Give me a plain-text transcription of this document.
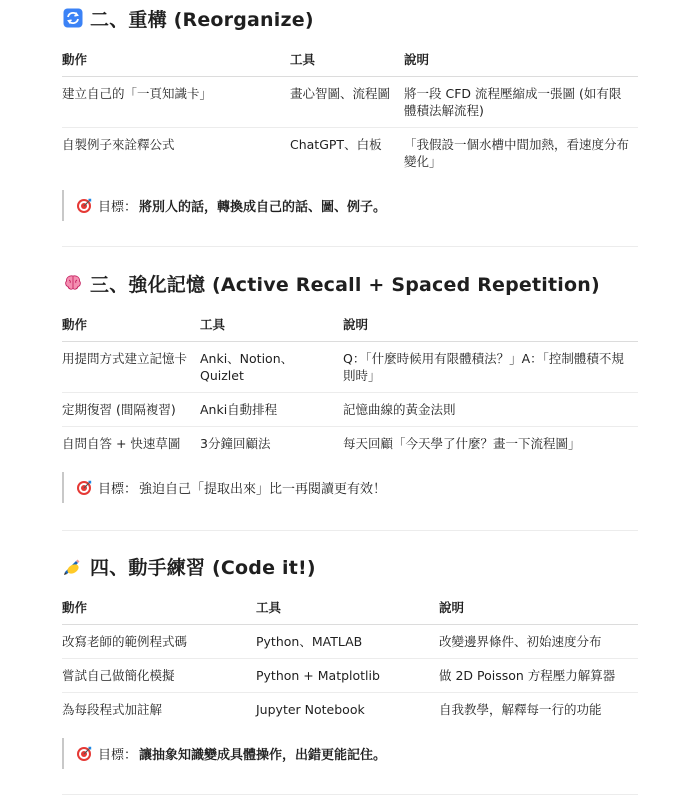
二、重構 (Reorganize)
動作	工具	說明
建立自己的「一頁知識卡」	畫心智圖、流程圖	將一段 CFD 流程壓縮成一張圖 (如有限體積法解流程)
自製例子來詮釋公式	ChatGPT、白板	「我假設一個水槽中間加熱，看速度分布變化」
目標： 將別人的話，轉換成自己的話、圖、例子。
三、強化記憶 (Active Recall + Spaced Repetition)
動作	工具	說明
用提問方式建立記憶卡	Anki、Notion、Quizlet	Q：「什麼時候用有限體積法？」A：「控制體積不規則時」
定期復習 (間隔複習)	Anki自動排程	記憶曲線的黃金法則
自問自答 + 快速草圖	3分鐘回顧法	每天回顧「今天學了什麼？畫一下流程圖」
目標： 強迫自己「提取出來」比一再閱讀更有效！
四、動手練習 (Code it!)
動作	工具	說明
改寫老師的範例程式碼	Python、MATLAB	改變邊界條件、初始速度分布
嘗試自己做簡化模擬	Python + Matplotlib	做 2D Poisson 方程壓力解算器
為每段程式加註解	Jupyter Notebook	自我教學，解釋每一行的功能
目標： 讓抽象知識變成具體操作，出錯更能記住。
